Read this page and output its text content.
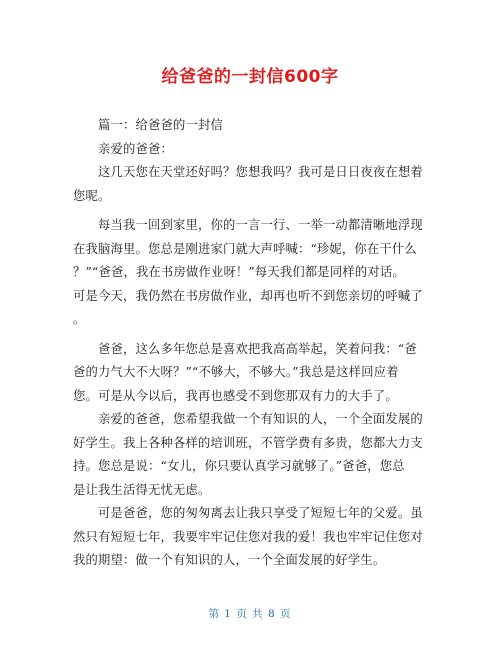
给爸爸的一封信600字
　　篇一：给爸爸的一封信
　　亲爱的爸爸：
　　这几天您在天堂还好吗？您想我吗？我可是日日夜夜在想着
您呢。
　　每当我一回到家里，你的一言一行、一举一动都清晰地浮现
在我脑海里。您总是刚进家门就大声呼喊：“珍妮，你在干什么
？”“爸爸，我在书房做作业呀！”每天我们都是同样的对话。
可是今天，我仍然在书房做作业，却再也听不到您亲切的呼喊了
。
　　爸爸，这么多年您总是喜欢把我高高举起，笑着问我：“爸
爸的力气大不大呀？”“不够大，不够大。”我总是这样回应着
您。可是从今以后，我再也感受不到您那双有力的大手了。
　　亲爱的爸爸，您希望我做一个有知识的人，一个全面发展的
好学生。我上各种各样的培训班，不管学费有多贵，您都大力支
持。您总是说：“女儿，你只要认真学习就够了。”爸爸，您总
是让我生活得无忧无虑。
　　可是爸爸，您的匆匆离去让我只享受了短短七年的父爱。虽
然只有短短七年，我要牢牢记住您对我的爱！我也牢牢记住您对
我的期望：做一个有知识的人，一个全面发展的好学生。
第 1 页 共 8 页
